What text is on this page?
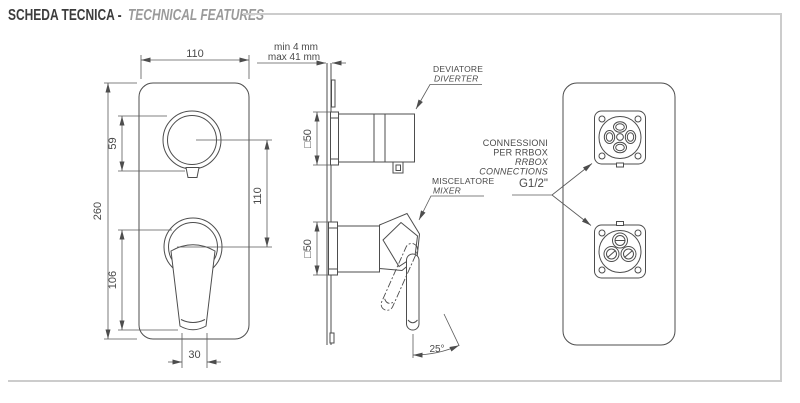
SCHEDA TECNICA - TECHNICAL FEATURES
110
260
59
106
110
30
min 4 mm
max 41 mm
□50
DEVIATORE
DIVERTER
□50
MISCELATORE
MIXER
25°
CONNESSIONI
PER RRBOX
RRBOX
CONNECTIONS
G1/2"
